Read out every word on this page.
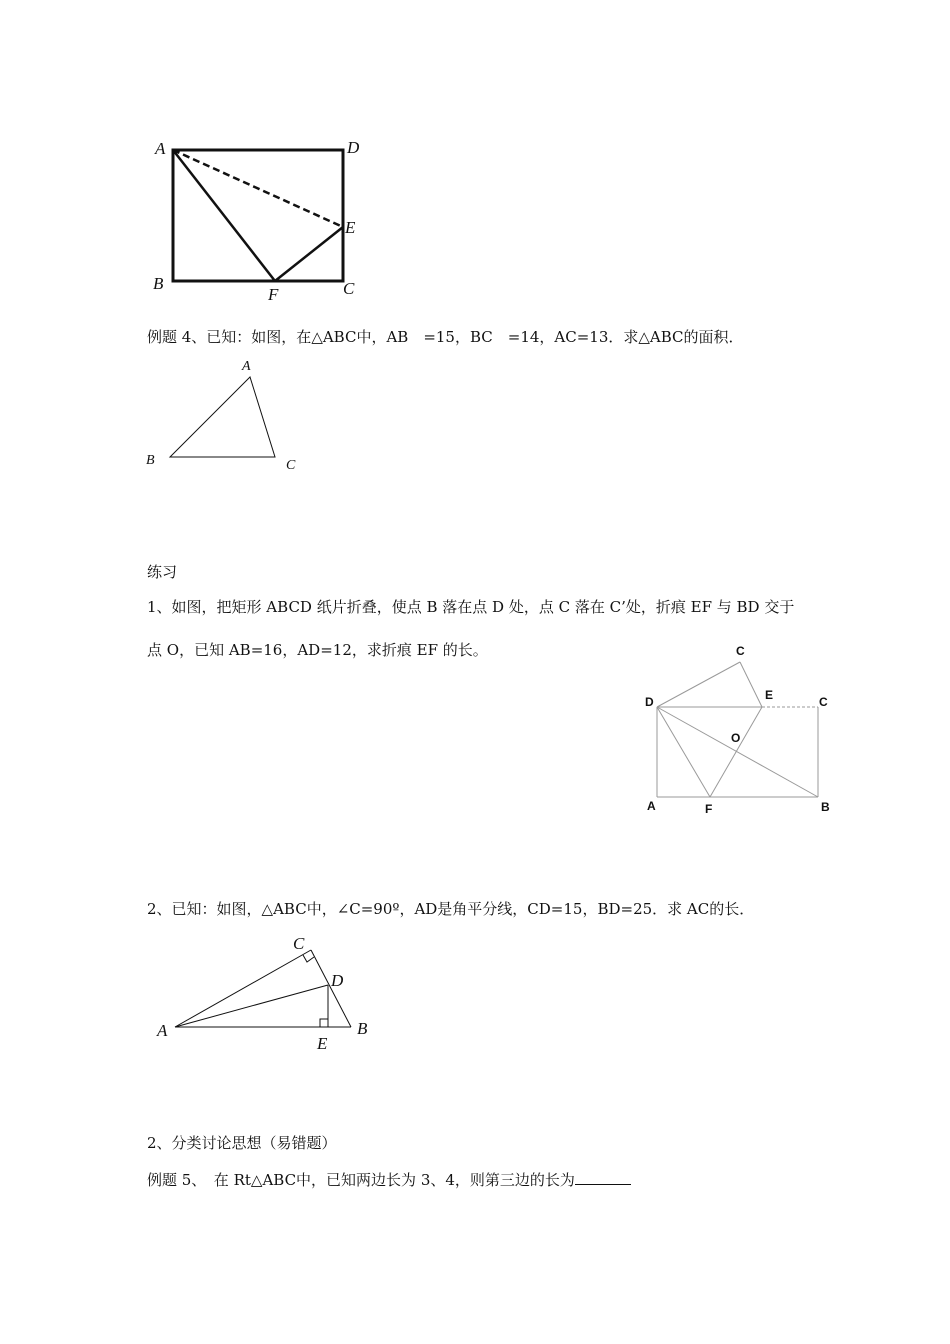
A	D
E
B
F	C
例题 4、已知：如图，在△ABC中，AB　=15，BC　=14，AC=13．求△ABC的面积．
A
B	C
练习
1、如图，把矩形 ABCD 纸片折叠，使点 B 落在点 D 处，点 C 落在 C’处，折痕 EF 与 BD 交于
点 O，已知 AB=16，AD=12，求折痕 EF 的长。	C
D	E	C
O
A	F	B
2、已知：如图，△ABC中，∠C=90º，AD是角平分线，CD=15，BD=25．求 AC的长．
C
D
A
E
B
2、分类讨论思想（易错题）
例题 5、　在 Rt△ABC中，已知两边长为 3、4，则第三边的长为
